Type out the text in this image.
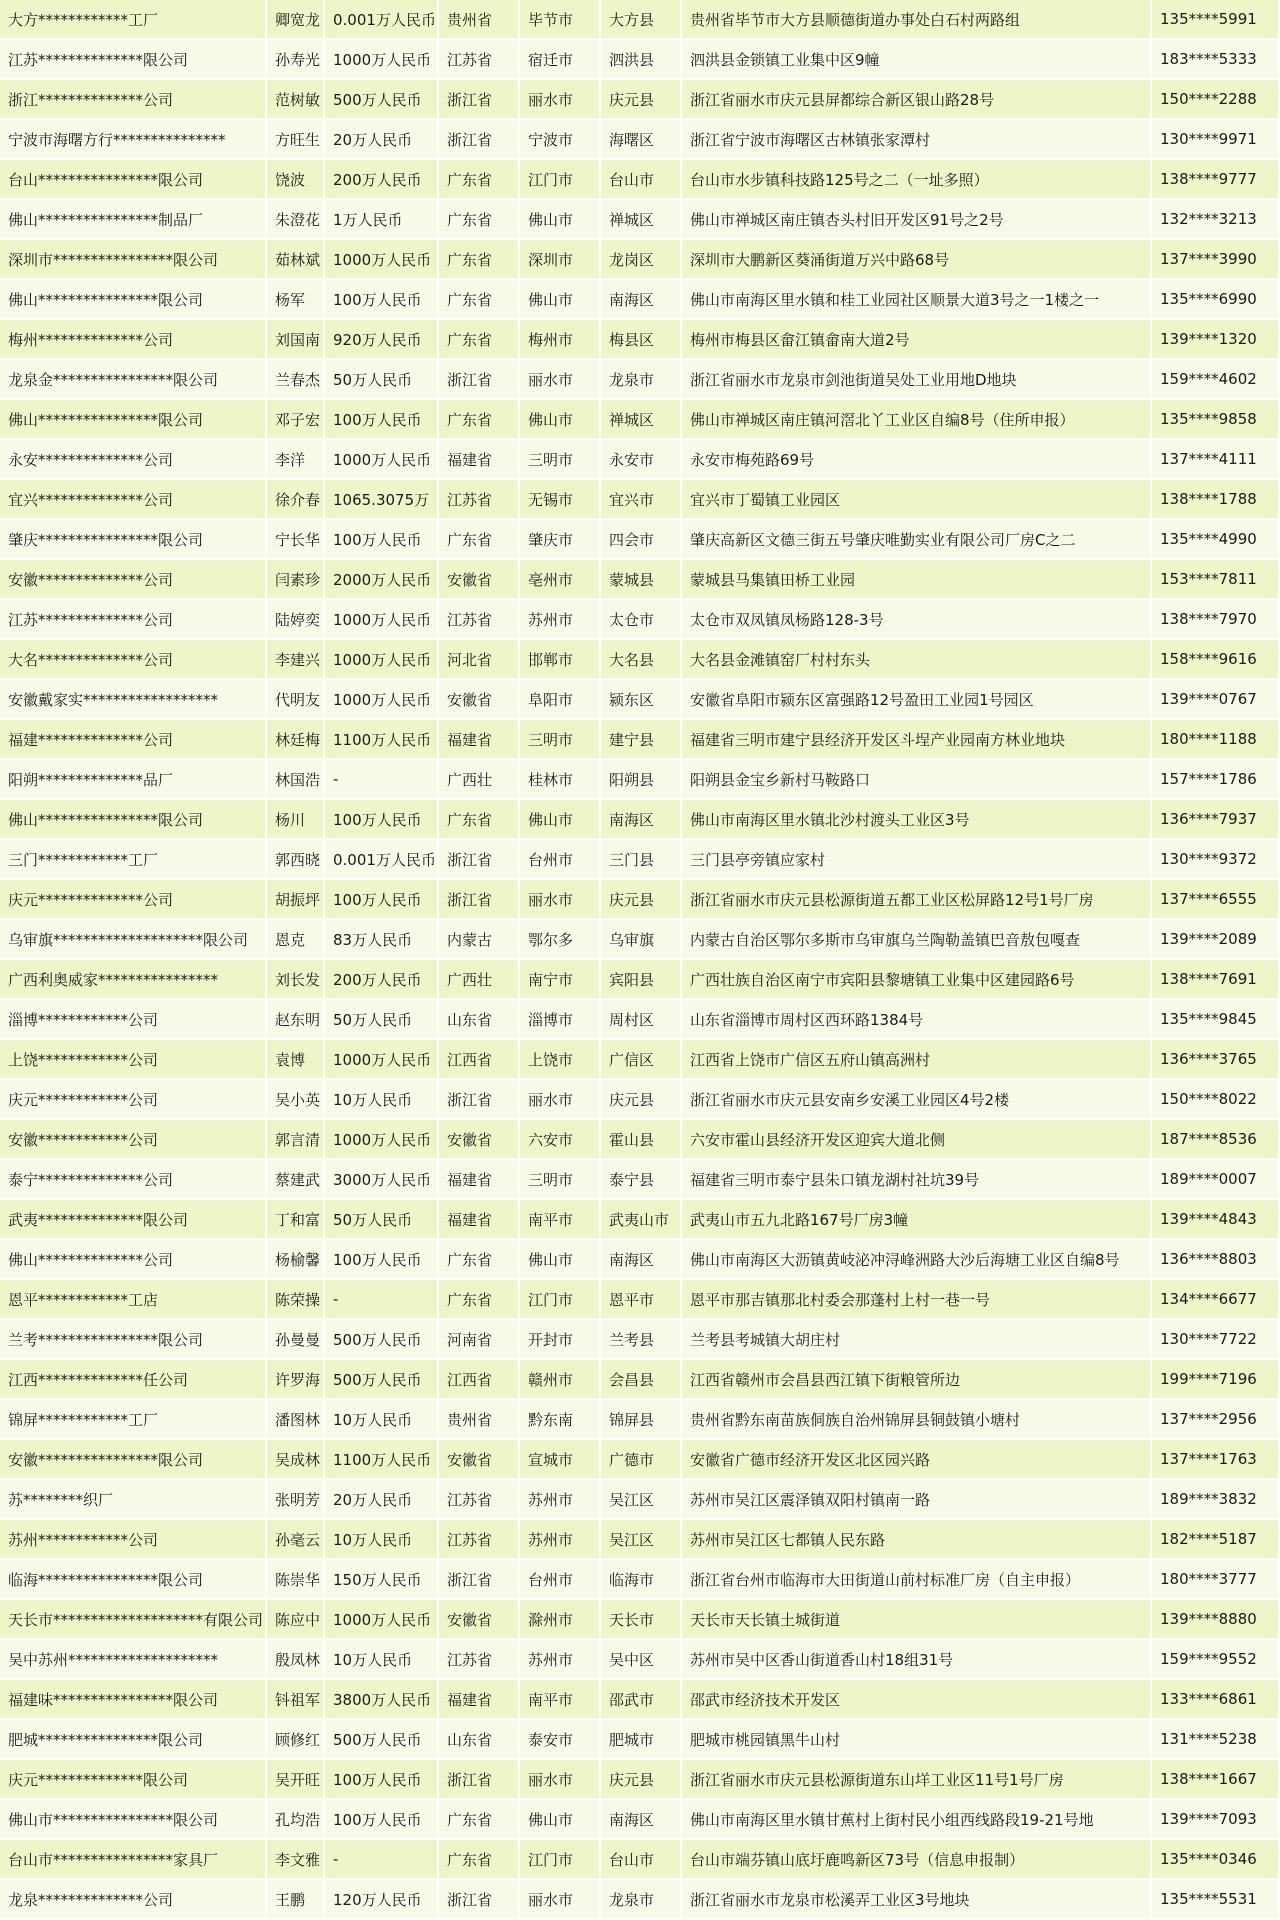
大方************工厂	卿宽龙	0.001万人民币	贵州省	毕节市	大方县	贵州省毕节市大方县顺德街道办事处白石村两路组	135****5991
江苏**************限公司	孙寿光	1000万人民币	江苏省	宿迁市	泗洪县	泗洪县金锁镇工业集中区9幢	183****5333
浙江**************公司	范树敏	500万人民币	浙江省	丽水市	庆元县	浙江省丽水市庆元县屏都综合新区银山路28号	150****2288
宁波市海曙方行***************	方旺生	20万人民币	浙江省	宁波市	海曙区	浙江省宁波市海曙区古林镇张家潭村	130****9971
台山****************限公司	饶波	200万人民币	广东省	江门市	台山市	台山市水步镇科技路125号之二（一址多照）	138****9777
佛山****************制品厂	朱澄花	1万人民币	广东省	佛山市	禅城区	佛山市禅城区南庄镇杏头村旧开发区91号之2号	132****3213
深圳市****************限公司	茹林斌	1000万人民币	广东省	深圳市	龙岗区	深圳市大鹏新区葵涌街道万兴中路68号	137****3990
佛山****************限公司	杨军	100万人民币	广东省	佛山市	南海区	佛山市南海区里水镇和桂工业园社区顺景大道3号之一1楼之一	135****6990
梅州**************公司	刘国南	920万人民币	广东省	梅州市	梅县区	梅州市梅县区畲江镇畲南大道2号	139****1320
龙泉金****************限公司	兰春杰	50万人民币	浙江省	丽水市	龙泉市	浙江省丽水市龙泉市剑池街道吴处工业用地D地块	159****4602
佛山****************限公司	邓子宏	100万人民币	广东省	佛山市	禅城区	佛山市禅城区南庄镇河滘北丫工业区自编8号（住所申报）	135****9858
永安**************公司	李洋	1000万人民币	福建省	三明市	永安市	永安市梅苑路69号	137****4111
宜兴**************公司	徐介春	1065.3075万	江苏省	无锡市	宜兴市	宜兴市丁蜀镇工业园区	138****1788
肇庆****************限公司	宁长华	100万人民币	广东省	肇庆市	四会市	肇庆高新区文德三街五号肇庆唯勤实业有限公司厂房C之二	135****4990
安徽**************公司	闫素珍	2000万人民币	安徽省	亳州市	蒙城县	蒙城县马集镇田桥工业园	153****7811
江苏**************公司	陆婷奕	1000万人民币	江苏省	苏州市	太仓市	太仓市双凤镇凤杨路128-3号	138****7970
大名**************公司	李建兴	1000万人民币	河北省	邯郸市	大名县	大名县金滩镇窑厂村村东头	158****9616
安徽戴家实******************	代明友	1000万人民币	安徽省	阜阳市	颍东区	安徽省阜阳市颍东区富强路12号盈田工业园1号园区	139****0767
福建**************公司	林廷梅	1100万人民币	福建省	三明市	建宁县	福建省三明市建宁县经济开发区斗埕产业园南方林业地块	180****1188
阳朔**************品厂	林国浩	-	广西壮	桂林市	阳朔县	阳朔县金宝乡新村马鞍路口	157****1786
佛山****************限公司	杨川	100万人民币	广东省	佛山市	南海区	佛山市南海区里水镇北沙村渡头工业区3号	136****7937
三门************工厂	郭西晓	0.001万人民币	浙江省	台州市	三门县	三门县亭旁镇应家村	130****9372
庆元**************公司	胡振坪	100万人民币	浙江省	丽水市	庆元县	浙江省丽水市庆元县松源街道五都工业区松屏路12号1号厂房	137****6555
乌审旗********************限公司	恩克	83万人民币	内蒙古	鄂尔多	乌审旗	内蒙古自治区鄂尔多斯市乌审旗乌兰陶勒盖镇巴音敖包嘎查	139****2089
广西利奥威家****************	刘长发	200万人民币	广西壮	南宁市	宾阳县	广西壮族自治区南宁市宾阳县黎塘镇工业集中区建园路6号	138****7691
淄博************公司	赵东明	50万人民币	山东省	淄博市	周村区	山东省淄博市周村区西环路1384号	135****9845
上饶************公司	袁博	1000万人民币	江西省	上饶市	广信区	江西省上饶市广信区五府山镇高洲村	136****3765
庆元************公司	吴小英	10万人民币	浙江省	丽水市	庆元县	浙江省丽水市庆元县安南乡安溪工业园区4号2楼	150****8022
安徽************公司	郭言清	1000万人民币	安徽省	六安市	霍山县	六安市霍山县经济开发区迎宾大道北侧	187****8536
泰宁**************公司	蔡建武	3000万人民币	福建省	三明市	泰宁县	福建省三明市泰宁县朱口镇龙湖村社坑39号	189****0007
武夷**************限公司	丁和富	50万人民币	福建省	南平市	武夷山市	武夷山市五九北路167号厂房3幢	139****4843
佛山**************公司	杨榆馨	100万人民币	广东省	佛山市	南海区	佛山市南海区大沥镇黄岐泌冲浔峰洲路大沙后海塘工业区自编8号	136****8803
恩平************工店	陈荣操	-	广东省	江门市	恩平市	恩平市那吉镇那北村委会那蓬村上村一巷一号	134****6677
兰考****************限公司	孙曼曼	500万人民币	河南省	开封市	兰考县	兰考县考城镇大胡庄村	130****7722
江西**************任公司	许罗海	500万人民币	江西省	赣州市	会昌县	江西省赣州市会昌县西江镇下街粮管所边	199****7196
锦屏************工厂	潘图林	10万人民币	贵州省	黔东南	锦屏县	贵州省黔东南苗族侗族自治州锦屏县铜鼓镇小塘村	137****2956
安徽****************限公司	吴成林	1100万人民币	安徽省	宣城市	广德市	安徽省广德市经济开发区北区园兴路	137****1763
苏********织厂	张明芳	20万人民币	江苏省	苏州市	吴江区	苏州市吴江区震泽镇双阳村镇南一路	189****3832
苏州************公司	孙毫云	10万人民币	江苏省	苏州市	吴江区	苏州市吴江区七都镇人民东路	182****5187
临海****************限公司	陈崇华	150万人民币	浙江省	台州市	临海市	浙江省台州市临海市大田街道山前村标准厂房（自主申报）	180****3777
天长市********************有限公司	陈应中	1000万人民币	安徽省	滁州市	天长市	天长市天长镇土城街道	139****8880
吴中苏州********************	殷凤林	10万人民币	江苏省	苏州市	吴中区	苏州市吴中区香山街道香山村18组31号	159****9552
福建味****************限公司	钭祖军	3800万人民币	福建省	南平市	邵武市	邵武市经济技术开发区	133****6861
肥城****************限公司	顾修红	500万人民币	山东省	泰安市	肥城市	肥城市桃园镇黑牛山村	131****5238
庆元**************限公司	吴开旺	100万人民币	浙江省	丽水市	庆元县	浙江省丽水市庆元县松源街道东山垟工业区11号1号厂房	138****1667
佛山市****************限公司	孔均浩	100万人民币	广东省	佛山市	南海区	佛山市南海区里水镇甘蕉村上街村民小组西线路段19-21号地	139****7093
台山市****************家具厂	李文雅	-	广东省	江门市	台山市	台山市端芬镇山底圩鹿鸣新区73号（信息申报制）	135****0346
龙泉**************公司	王鹏	120万人民币	浙江省	丽水市	龙泉市	浙江省丽水市龙泉市松溪弄工业区3号地块	135****5531
